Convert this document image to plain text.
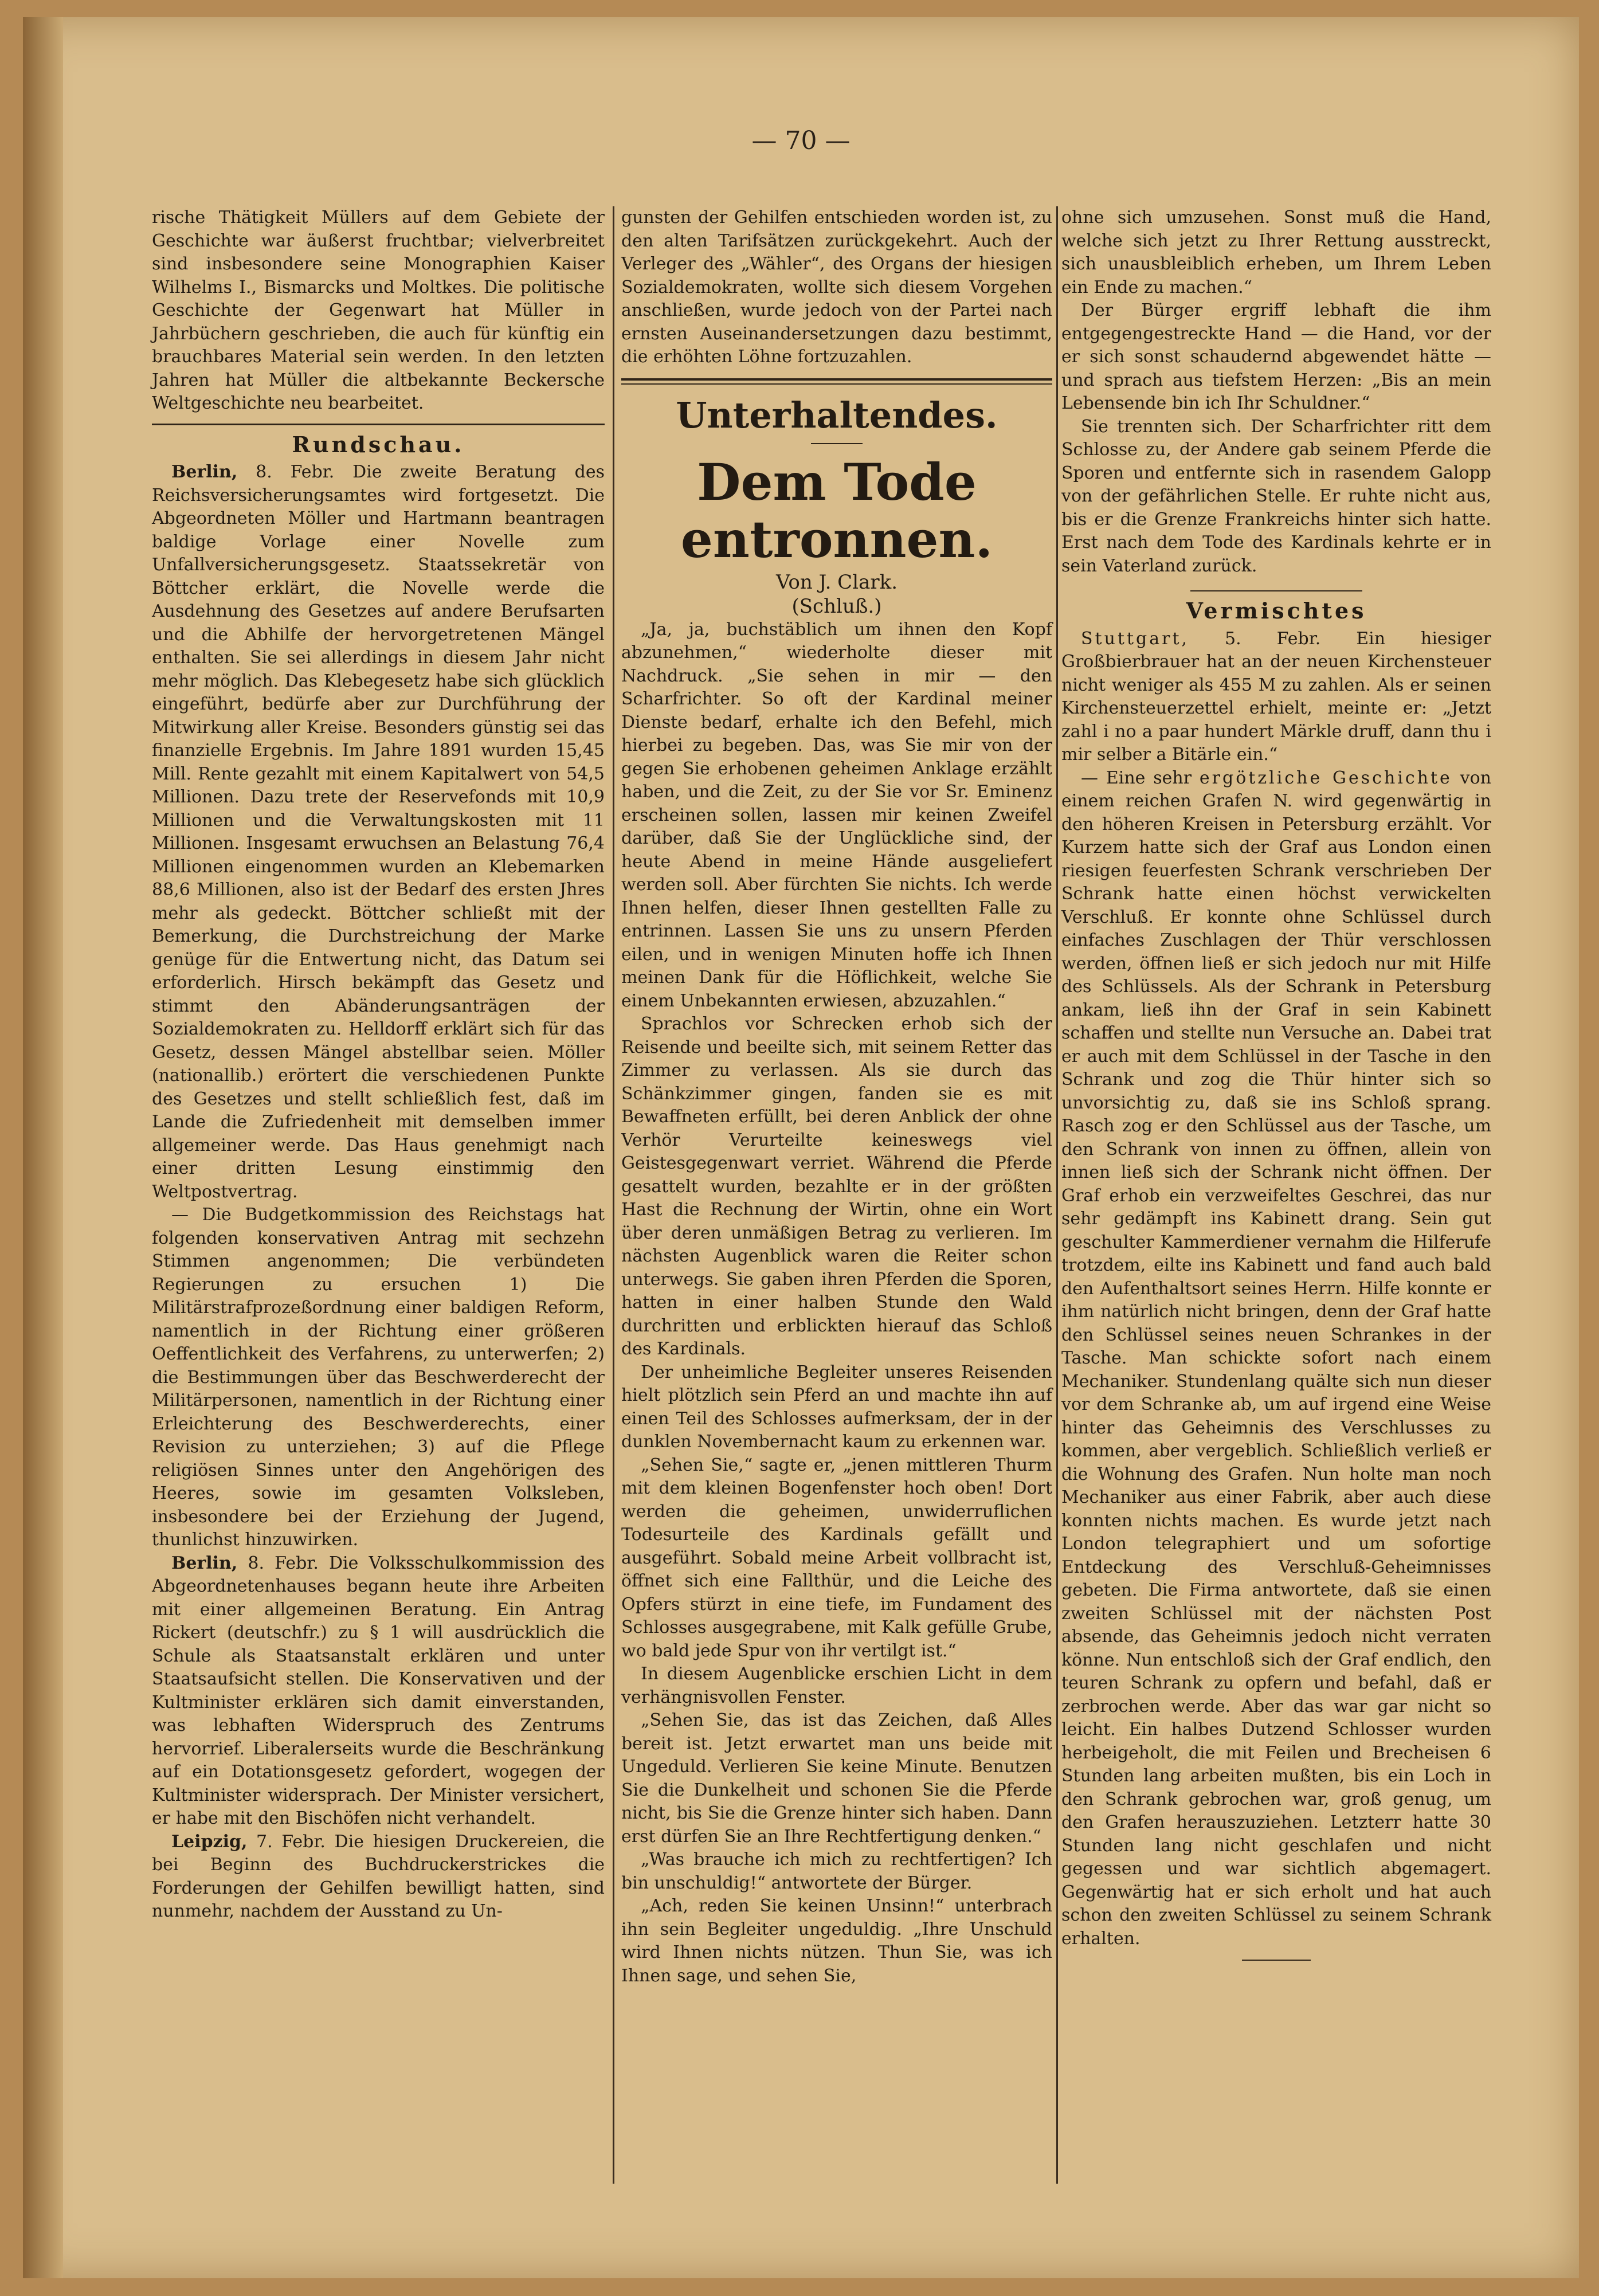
— 70 —

rische Thätigkeit Müllers auf dem Gebiete der Geschichte war äußerst fruchtbar; vielverbreitet sind insbesondere seine Monographien Kaiser Wilhelms I., Bismarcks und Moltkes. Die politische Geschichte der Gegenwart hat Müller in Jahrbüchern geschrieben, die auch für künftig ein brauchbares Material sein werden. In den letzten Jahren hat Müller die altbekannte Beckersche Weltgeschichte neu bearbeitet.

Rundschau.

Berlin, 8. Febr. Die zweite Beratung des Reichsversicherungsamtes wird fortgesetzt. Die Abgeordneten Möller und Hartmann beantragen baldige Vorlage einer Novelle zum Unfallversicherungsgesetz. Staatssekretär von Böttcher erklärt, die Novelle werde die Ausdehnung des Gesetzes auf andere Berufsarten und die Abhilfe der hervorgetretenen Mängel enthalten. Sie sei allerdings in diesem Jahr nicht mehr möglich. Das Klebegesetz habe sich glücklich eingeführt, bedürfe aber zur Durchführung der Mitwirkung aller Kreise. Besonders günstig sei das finanzielle Ergebnis. Im Jahre 1891 wurden 15,45 Mill. Rente gezahlt mit einem Kapitalwert von 54,5 Millionen. Dazu trete der Reservefonds mit 10,9 Millionen und die Verwaltungskosten mit 11 Millionen. Insgesamt erwuchsen an Belastung 76,4 Millionen eingenommen wurden an Klebemarken 88,6 Millionen, also ist der Bedarf des ersten Jhres mehr als gedeckt. Böttcher schließt mit der Bemerkung, die Durchstreichung der Marke genüge für die Entwertung nicht, das Datum sei erforderlich. Hirsch bekämpft das Gesetz und stimmt den Abänderungsanträgen der Sozialdemokraten zu. Helldorff erklärt sich für das Gesetz, dessen Mängel abstellbar seien. Möller (nationallib.) erörtert die verschiedenen Punkte des Gesetzes und stellt schließlich fest, daß im Lande die Zufriedenheit mit demselben immer allgemeiner werde. Das Haus genehmigt nach einer dritten Lesung einstimmig den Weltpostvertrag.

— Die Budgetkommission des Reichstags hat folgenden konservativen Antrag mit sechzehn Stimmen angenommen; Die verbündeten Regierungen zu ersuchen 1) Die Militärstrafprozeßordnung einer baldigen Reform, namentlich in der Richtung einer größeren Oeffentlichkeit des Verfahrens, zu unterwerfen; 2) die Bestimmungen über das Beschwerderecht der Militärpersonen, namentlich in der Richtung einer Erleichterung des Beschwerderechts, einer Revision zu unterziehen; 3) auf die Pflege religiösen Sinnes unter den Angehörigen des Heeres, sowie im gesamten Volksleben, insbesondere bei der Erziehung der Jugend, thunlichst hinzuwirken.

Berlin, 8. Febr. Die Volksschulkommission des Abgeordnetenhauses begann heute ihre Arbeiten mit einer allgemeinen Beratung. Ein Antrag Rickert (deutschfr.) zu § 1 will ausdrücklich die Schule als Staatsanstalt erklären und unter Staatsaufsicht stellen. Die Konservativen und der Kultminister erklären sich damit einverstanden, was lebhaften Widerspruch des Zentrums hervorrief. Liberalerseits wurde die Beschränkung auf ein Dotationsgesetz gefordert, wogegen der Kultminister widersprach. Der Minister versichert, er habe mit den Bischöfen nicht verhandelt.

Leipzig, 7. Febr. Die hiesigen Druckereien, die bei Beginn des Buchdruckerstrickes die Forderungen der Gehilfen bewilligt hatten, sind nunmehr, nachdem der Ausstand zu Un-

gunsten der Gehilfen entschieden worden ist, zu den alten Tarifsätzen zurückgekehrt. Auch der Verleger des „Wähler“, des Organs der hiesigen Sozialdemokraten, wollte sich diesem Vorgehen anschließen, wurde jedoch von der Partei nach ernsten Auseinandersetzungen dazu bestimmt, die erhöhten Löhne fortzuzahlen.

Unterhaltendes.
Dem Tode entronnen.
Von J. Clark.
(Schluß.)

„Ja, ja, buchstäblich um ihnen den Kopf abzunehmen,“ wiederholte dieser mit Nachdruck. „Sie sehen in mir — den Scharfrichter. So oft der Kardinal meiner Dienste bedarf, erhalte ich den Befehl, mich hierbei zu begeben. Das, was Sie mir von der gegen Sie erhobenen geheimen Anklage erzählt haben, und die Zeit, zu der Sie vor Sr. Eminenz erscheinen sollen, lassen mir keinen Zweifel darüber, daß Sie der Unglückliche sind, der heute Abend in meine Hände ausgeliefert werden soll. Aber fürchten Sie nichts. Ich werde Ihnen helfen, dieser Ihnen gestellten Falle zu entrinnen. Lassen Sie uns zu unsern Pferden eilen, und in wenigen Minuten hoffe ich Ihnen meinen Dank für die Höflichkeit, welche Sie einem Unbekannten erwiesen, abzuzahlen.“

Sprachlos vor Schrecken erhob sich der Reisende und beeilte sich, mit seinem Retter das Zimmer zu verlassen. Als sie durch das Schänkzimmer gingen, fanden sie es mit Bewaffneten erfüllt, bei deren Anblick der ohne Verhör Verurteilte keineswegs viel Geistesgegenwart verriet. Während die Pferde gesattelt wurden, bezahlte er in der größten Hast die Rechnung der Wirtin, ohne ein Wort über deren unmäßigen Betrag zu verlieren. Im nächsten Augenblick waren die Reiter schon unterwegs. Sie gaben ihren Pferden die Sporen, hatten in einer halben Stunde den Wald durchritten und erblickten hierauf das Schloß des Kardinals.

Der unheimliche Begleiter unseres Reisenden hielt plötzlich sein Pferd an und machte ihn auf einen Teil des Schlosses aufmerksam, der in der dunklen Novembernacht kaum zu erkennen war.

„Sehen Sie,“ sagte er, „jenen mittleren Thurm mit dem kleinen Bogenfenster hoch oben! Dort werden die geheimen, unwiderruflichen Todesurteile des Kardinals gefällt und ausgeführt. Sobald meine Arbeit vollbracht ist, öffnet sich eine Fallthür, und die Leiche des Opfers stürzt in eine tiefe, im Fundament des Schlosses ausgegrabene, mit Kalk gefülle Grube, wo bald jede Spur von ihr vertilgt ist.“

In diesem Augenblicke erschien Licht in dem verhängnisvollen Fenster.

„Sehen Sie, das ist das Zeichen, daß Alles bereit ist. Jetzt erwartet man uns beide mit Ungeduld. Verlieren Sie keine Minute. Benutzen Sie die Dunkelheit und schonen Sie die Pferde nicht, bis Sie die Grenze hinter sich haben. Dann erst dürfen Sie an Ihre Rechtfertigung denken.“

„Was brauche ich mich zu rechtfertigen? Ich bin unschuldig!“ antwortete der Bürger.

„Ach, reden Sie keinen Unsinn!“ unterbrach ihn sein Begleiter ungeduldig. „Ihre Unschuld wird Ihnen nichts nützen. Thun Sie, was ich Ihnen sage, und sehen Sie,

ohne sich umzusehen. Sonst muß die Hand, welche sich jetzt zu Ihrer Rettung ausstreckt, sich unausbleiblich erheben, um Ihrem Leben ein Ende zu machen.“

Der Bürger ergriff lebhaft die ihm entgegengestreckte Hand — die Hand, vor der er sich sonst schaudernd abgewendet hätte — und sprach aus tiefstem Herzen: „Bis an mein Lebensende bin ich Ihr Schuldner.“

Sie trennten sich. Der Scharfrichter ritt dem Schlosse zu, der Andere gab seinem Pferde die Sporen und entfernte sich in rasendem Galopp von der gefährlichen Stelle. Er ruhte nicht aus, bis er die Grenze Frankreichs hinter sich hatte. Erst nach dem Tode des Kardinals kehrte er in sein Vaterland zurück.

Vermischtes

Stuttgart, 5. Febr. Ein hiesiger Großbierbrauer hat an der neuen Kirchensteuer nicht weniger als 455 M zu zahlen. Als er seinen Kirchensteuerzettel erhielt, meinte er: „Jetzt zahl i no a paar hundert Märkle druff, dann thu i mir selber a Bitärle ein.“

— Eine sehr ergötzliche Geschichte von einem reichen Grafen N. wird gegenwärtig in den höheren Kreisen in Petersburg erzählt. Vor Kurzem hatte sich der Graf aus London einen riesigen feuerfesten Schrank verschrieben Der Schrank hatte einen höchst verwickelten Verschluß. Er konnte ohne Schlüssel durch einfaches Zuschlagen der Thür verschlossen werden, öffnen ließ er sich jedoch nur mit Hilfe des Schlüssels. Als der Schrank in Petersburg ankam, ließ ihn der Graf in sein Kabinett schaffen und stellte nun Versuche an. Dabei trat er auch mit dem Schlüssel in der Tasche in den Schrank und zog die Thür hinter sich so unvorsichtig zu, daß sie ins Schloß sprang. Rasch zog er den Schlüssel aus der Tasche, um den Schrank von innen zu öffnen, allein von innen ließ sich der Schrank nicht öffnen. Der Graf erhob ein verzweifeltes Geschrei, das nur sehr gedämpft ins Kabinett drang. Sein gut geschulter Kammerdiener vernahm die Hilferufe trotzdem, eilte ins Kabinett und fand auch bald den Aufenthaltsort seines Herrn. Hilfe konnte er ihm natürlich nicht bringen, denn der Graf hatte den Schlüssel seines neuen Schrankes in der Tasche. Man schickte sofort nach einem Mechaniker. Stundenlang quälte sich nun dieser vor dem Schranke ab, um auf irgend eine Weise hinter das Geheimnis des Verschlusses zu kommen, aber vergeblich. Schließlich verließ er die Wohnung des Grafen. Nun holte man noch Mechaniker aus einer Fabrik, aber auch diese konnten nichts machen. Es wurde jetzt nach London telegraphiert und um sofortige Entdeckung des Verschluß-Geheimnisses gebeten. Die Firma antwortete, daß sie einen zweiten Schlüssel mit der nächsten Post absende, das Geheimnis jedoch nicht verraten könne. Nun entschloß sich der Graf endlich, den teuren Schrank zu opfern und befahl, daß er zerbrochen werde. Aber das war gar nicht so leicht. Ein halbes Dutzend Schlosser wurden herbeigeholt, die mit Feilen und Brecheisen 6 Stunden lang arbeiten mußten, bis ein Loch in den Schrank gebrochen war, groß genug, um den Grafen herauszuziehen. Letzterr hatte 30 Stunden lang nicht geschlafen und nicht gegessen und war sichtlich abgemagert. Gegenwärtig hat er sich erholt und hat auch schon den zweiten Schlüssel zu seinem Schrank erhalten.
